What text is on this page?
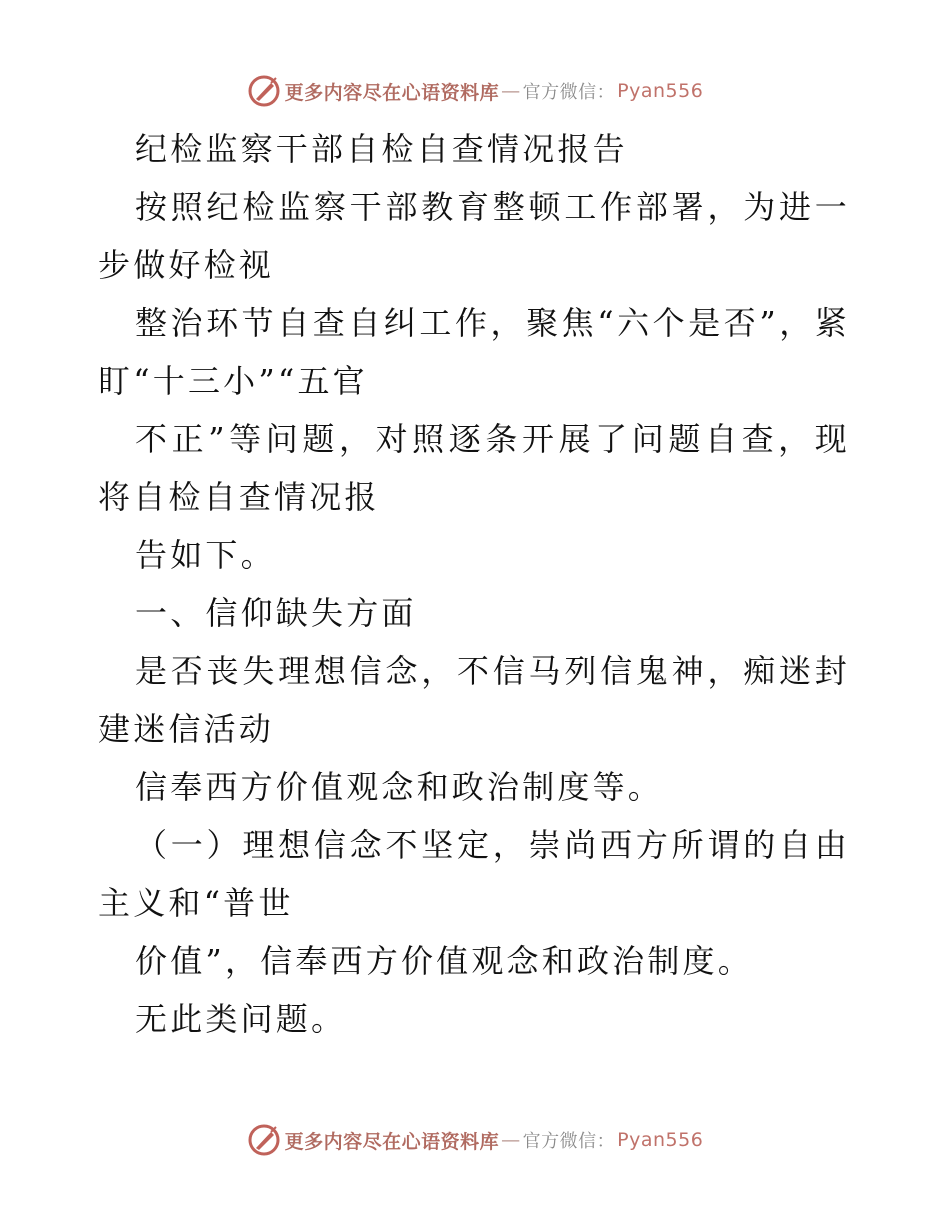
更多内容尽在心语资料库 — 官方微信： Pyan556

纪检监察干部自检自查情况报告

按照纪检监察干部教育整顿工作部署，为进一步做好检视

整治环节自查自纠工作，聚焦“六个是否”，紧盯“十三小”“五官

不正”等问题，对照逐条开展了问题自查，现将自检自查情况报

告如下。

一、信仰缺失方面

是否丧失理想信念，不信马列信鬼神，痴迷封建迷信活动

信奉西方价值观念和政治制度等。

（一）理想信念不坚定，崇尚西方所谓的自由主义和“普世

价值”，信奉西方价值观念和政治制度。

无此类问题。

更多内容尽在心语资料库 — 官方微信： Pyan556
